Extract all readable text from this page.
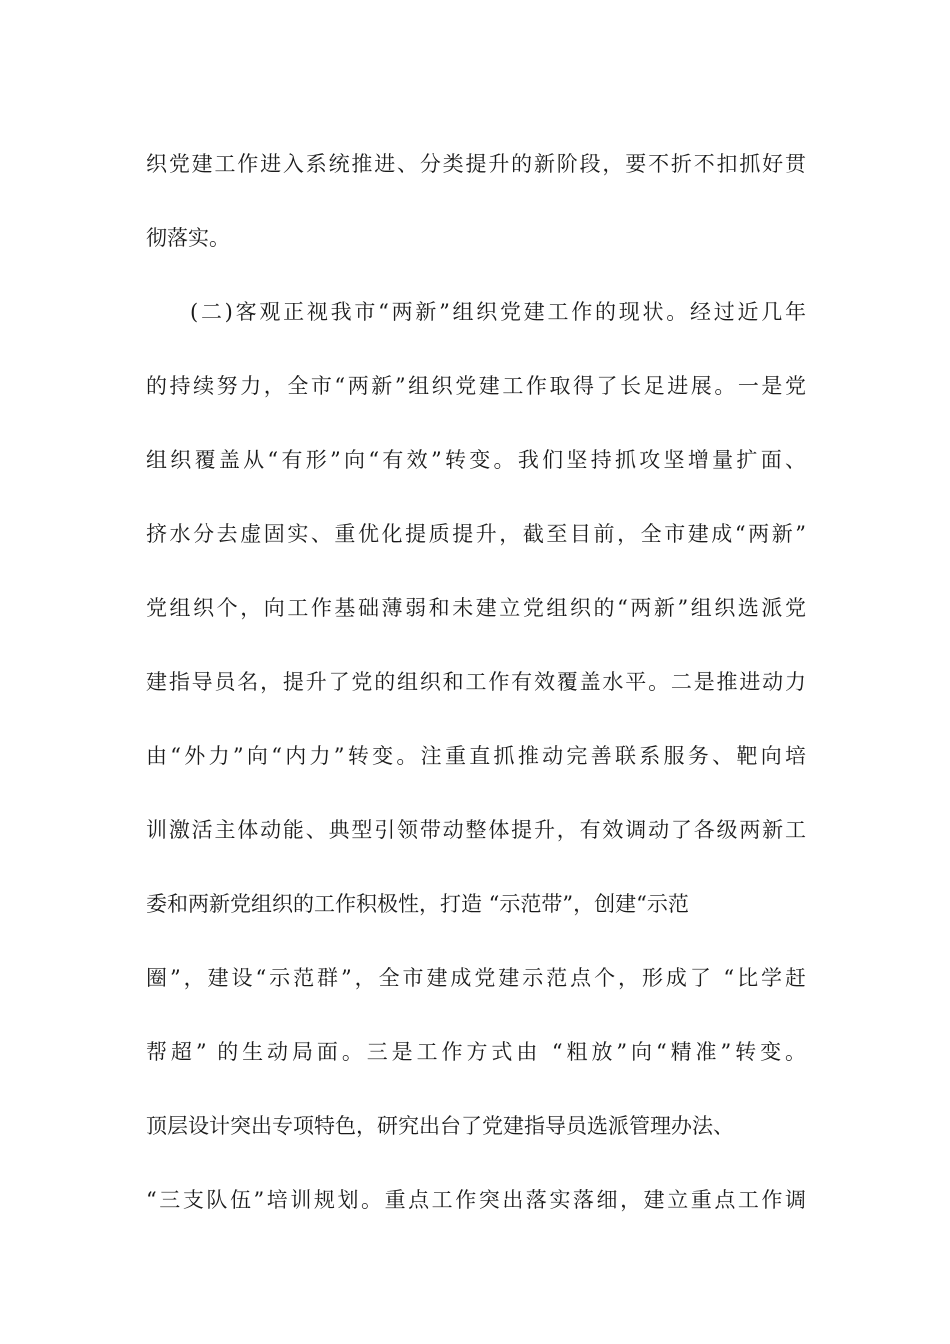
织党建工作进入系统推进、分类提升的新阶段，要不折不扣抓好贯
彻落实。
(二)客观正视我市“两新”组织党建工作的现状。经过近几年
的持续努力，全市“两新”组织党建工作取得了长足进展。一是党
组织覆盖从“有形”向“有效”转变。我们坚持抓攻坚增量扩面、
挤水分去虚固实、重优化提质提升，截至目前，全市建成“两新”
党组织个，向工作基础薄弱和未建立党组织的“两新”组织选派党
建指导员名，提升了党的组织和工作有效覆盖水平。二是推进动力
由“外力”向“内力”转变。注重直抓推动完善联系服务、靶向培
训激活主体动能、典型引领带动整体提升，有效调动了各级两新工
委和两新党组织的工作积极性，打造 “示范带”，创建“示范
圈”，建设“示范群”，全市建成党建示范点个，形成了 “比学赶
帮超” 的生动局面。三是工作方式由 “粗放”向“精准”转变。
顶层设计突出专项特色，研究出台了党建指导员选派管理办法、
“三支队伍”培训规划。重点工作突出落实落细，建立重点工作调
